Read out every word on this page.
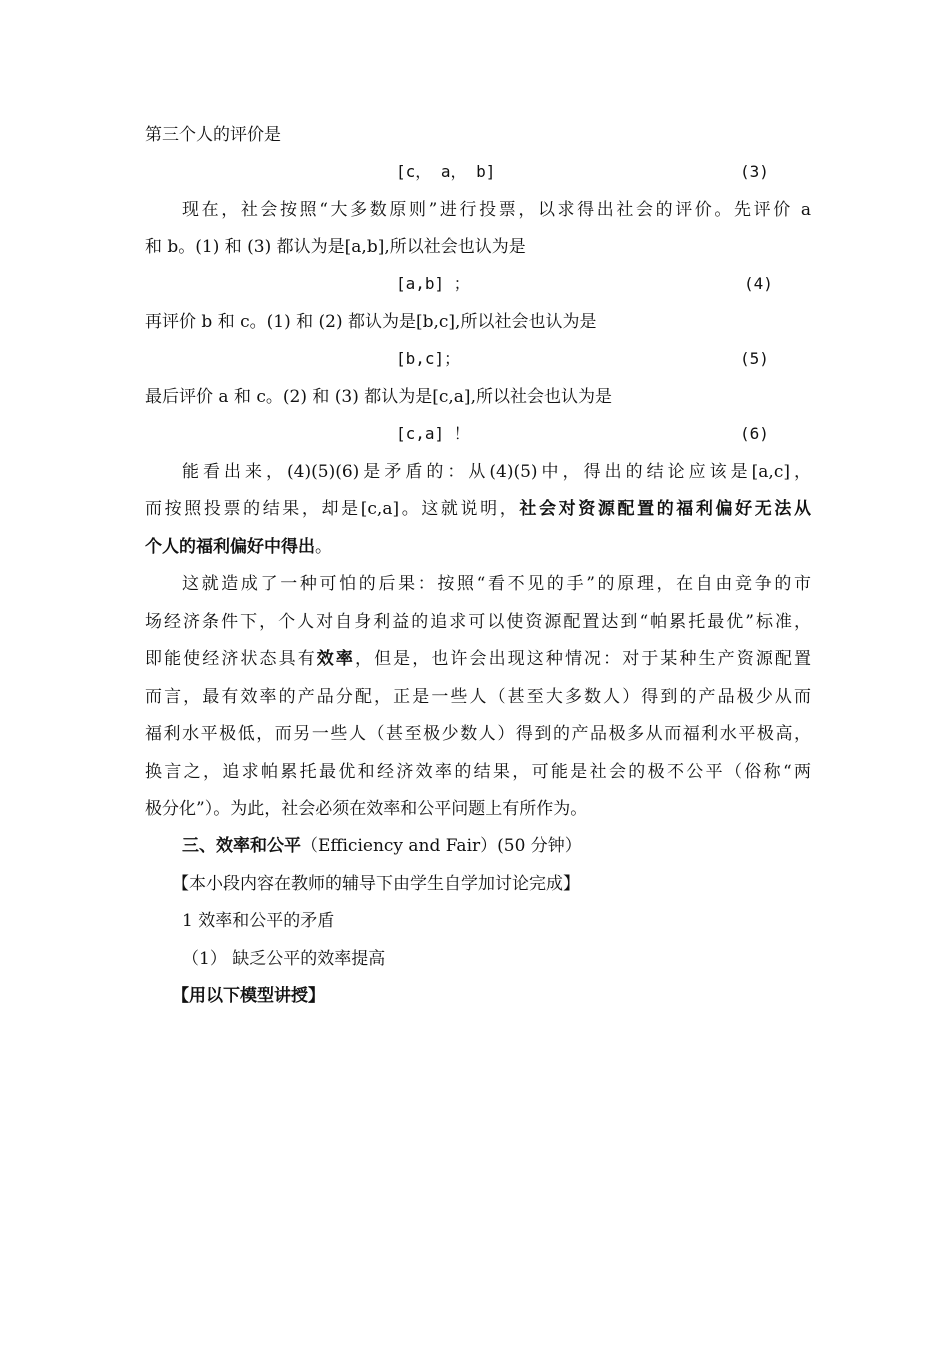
第三个人的评价是
[c， a， b]	(3)
现在，社会按照“大多数原则”进行投票，以求得出社会的评价。先评价 a
和 b。(1) 和 (3) 都认为是[a,b],所以社会也认为是
[a,b] ；	(4)
再评价 b 和 c。(1) 和 (2) 都认为是[b,c],所以社会也认为是
[b,c]；	(5)
最后评价 a 和 c。(2) 和 (3) 都认为是[c,a],所以社会也认为是
[c,a] ！	(6)
能看出来，(4)(5)(6)是矛盾的：从(4)(5)中，得出的结论应该是[a,c]，
而按照投票的结果，却是[c,a]。这就说明，社会对资源配置的福利偏好无法从
个人的福利偏好中得出。
这就造成了一种可怕的后果：按照“看不见的手”的原理，在自由竞争的市
场经济条件下，个人对自身利益的追求可以使资源配置达到“帕累托最优”标准，
即能使经济状态具有效率，但是，也许会出现这种情况：对于某种生产资源配置
而言，最有效率的产品分配，正是一些人（甚至大多数人）得到的产品极少从而
福利水平极低，而另一些人（甚至极少数人）得到的产品极多从而福利水平极高，
换言之，追求帕累托最优和经济效率的结果，可能是社会的极不公平（俗称“两
极分化”）。为此，社会必须在效率和公平问题上有所作为。
三、效率和公平（Efficiency and Fair）(50 分钟）
【本小段内容在教师的辅导下由学生自学加讨论完成】
1 效率和公平的矛盾
（1） 缺乏公平的效率提高
【用以下模型讲授】
